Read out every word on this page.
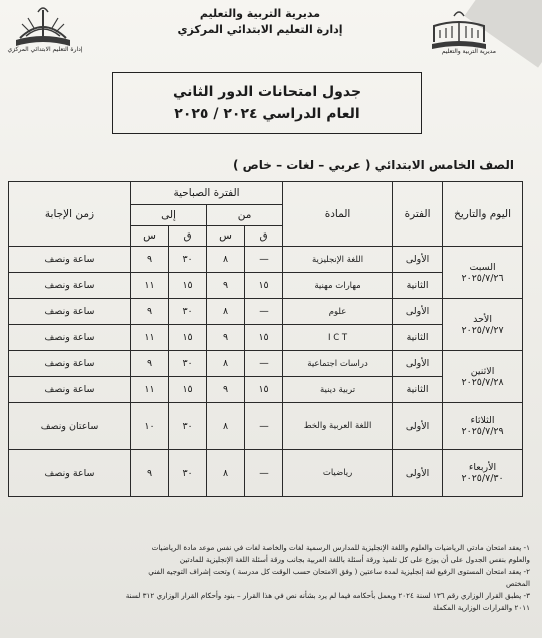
إدارة التعليم الابتدائي المركزي
مديرية التربية والتعليم
إدارة التعليم الابتدائي المركزي
مديرية التربية والتعليم
جدول امتحانات الدور الثاني
العام الدراسي ٢٠٢٤ / ٢٠٢٥
الصف الخامس الابتدائي ( عربي – لغات – خاص )
اليوم والتاريخ	الفترة	المادة	الفترة الصباحية				زمن الإجابة
			من		إلى		
			ق	س	ق	س	

السبت
٢٠٢٥/٧/٢٦	الأولى	اللغة الإنجليزية	—	٨	٣٠	٩	ساعة ونصف
	الثانية	مهارات مهنية	١٥	٩	١٥	١١	ساعة ونصف

الأحد
٢٠٢٥/٧/٢٧	الأولى	علوم	—	٨	٣٠	٩	ساعة ونصف
	الثانية	I C T	١٥	٩	١٥	١١	ساعة ونصف

الاثنين
٢٠٢٥/٧/٢٨	الأولى	دراسات اجتماعية	—	٨	٣٠	٩	ساعة ونصف
	الثانية	تربية دينية	١٥	٩	١٥	١١	ساعة ونصف

الثلاثاء
٢٠٢٥/٧/٢٩	الأولى	اللغة العربية والخط	—	٨	٣٠	١٠	ساعتان ونصف

الأربعاء
٢٠٢٥/٧/٣٠	الأولى	رياضيات	—	٨	٣٠	٩	ساعة ونصف
١- يعقد امتحان مادتي الرياضيات والعلوم واللغة الإنجليزية للمدارس الرسمية لغات والخاصة لغات في نفس موعد مادة الرياضيات
والعلوم بنفس الجدول على أن يوزع على كل تلميذ ورقة أسئلة باللغة العربية بجانب ورقة أسئلة اللغة الإنجليزية للمادتين
٢- يعقد امتحان المستوى الرفيع لغة إنجليزية لمدة ساعتين ( وفق الامتحان حسب الوقت كل مدرسة ) وتحت إشراف التوجيه الفني
المختص
٣- يطبق القرار الوزاري رقم ١٣٦ لسنة ٢٠٢٤ ويعمل بأحكامه فيما لم يرد بشأنه نص في هذا القرار – بنود وأحكام القرار الوزاري ٣١٢ لسنة
٢٠١١ والقرارات الوزارية المكملة
